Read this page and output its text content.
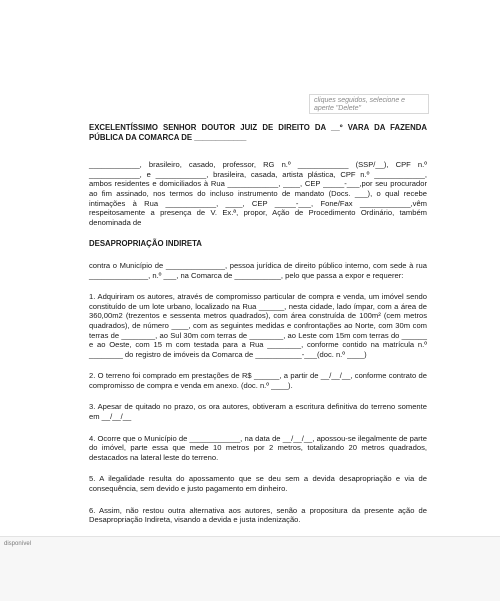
cliques seguidos, selecione e aperte "Delete"

EXCELENTÍSSIMO SENHOR DOUTOR JUIZ DE DIREITO DA __º VARA DA FAZENDA PÚBLICA DA COMARCA DE ____________

____________, brasileiro, casado, professor, RG n.º ____________ (SSP/__), CPF n.º ____________, e ____________, brasileira, casada, artista plástica, CPF n.º ____________, ambos residentes e domiciliados à Rua ____________, ____, CEP _____-___,por seu procurador ao fim assinado, nos termos do incluso instrumento de mandato (Docs. ___), o qual recebe intimações à Rua ____________, ____, CEP _____-___, Fone/Fax ____________,vêm respeitosamente a presença de V. Ex.ª, propor, Ação de Procedimento Ordinário, também denominada de

DESAPROPRIAÇÃO INDIRETA

contra o Município de ______________, pessoa jurídica de direito público interno, com sede à rua ______________, n.º ___, na Comarca de ___________, pelo que passa a expor e requerer:

1. Adquiriram os autores, através de compromisso particular de compra e venda, um imóvel sendo constituído de um lote urbano, localizado na Rua ______, nesta cidade, lado ímpar, com a área de 360,00m2 (trezentos e sessenta metros quadrados), com área construída de 100m² (cem metros quadrados), de número ____, com as seguintes medidas e confrontações ao Norte, com 30m com terras de ________, ao Sul 30m com terras de ________, ao Leste com 15m com terras do ______ e ao Oeste, com 15 m com testada para a Rua ________, conforme contido na matrícula n.º ________ do registro de imóveis da Comarca de ___________-___(doc. n.º ____)

2. O terreno foi comprado em prestações de R$ ______, a partir de __/__/__, conforme contrato de compromisso de compra e venda em anexo. (doc. n.º ____).

3. Apesar de quitado no prazo, os ora autores, obtiveram a escritura definitiva do terreno somente em __/__/__

4. Ocorre que o Município de ____________, na data de __/__/__, apossou-se ilegalmente de parte do imóvel, parte essa que mede 10 metros por 2 metros, totalizando 20 metros quadrados, destacados na lateral leste do terreno.

5. A ilegalidade resulta do apossamento que se deu sem a devida desapropriação e via de consequência, sem devido e justo pagamento em dinheiro.

6. Assim, não restou outra alternativa aos autores, senão a propositura da presente ação de Desapropriação Indireta, visando a devida e justa indenização.

disponível
